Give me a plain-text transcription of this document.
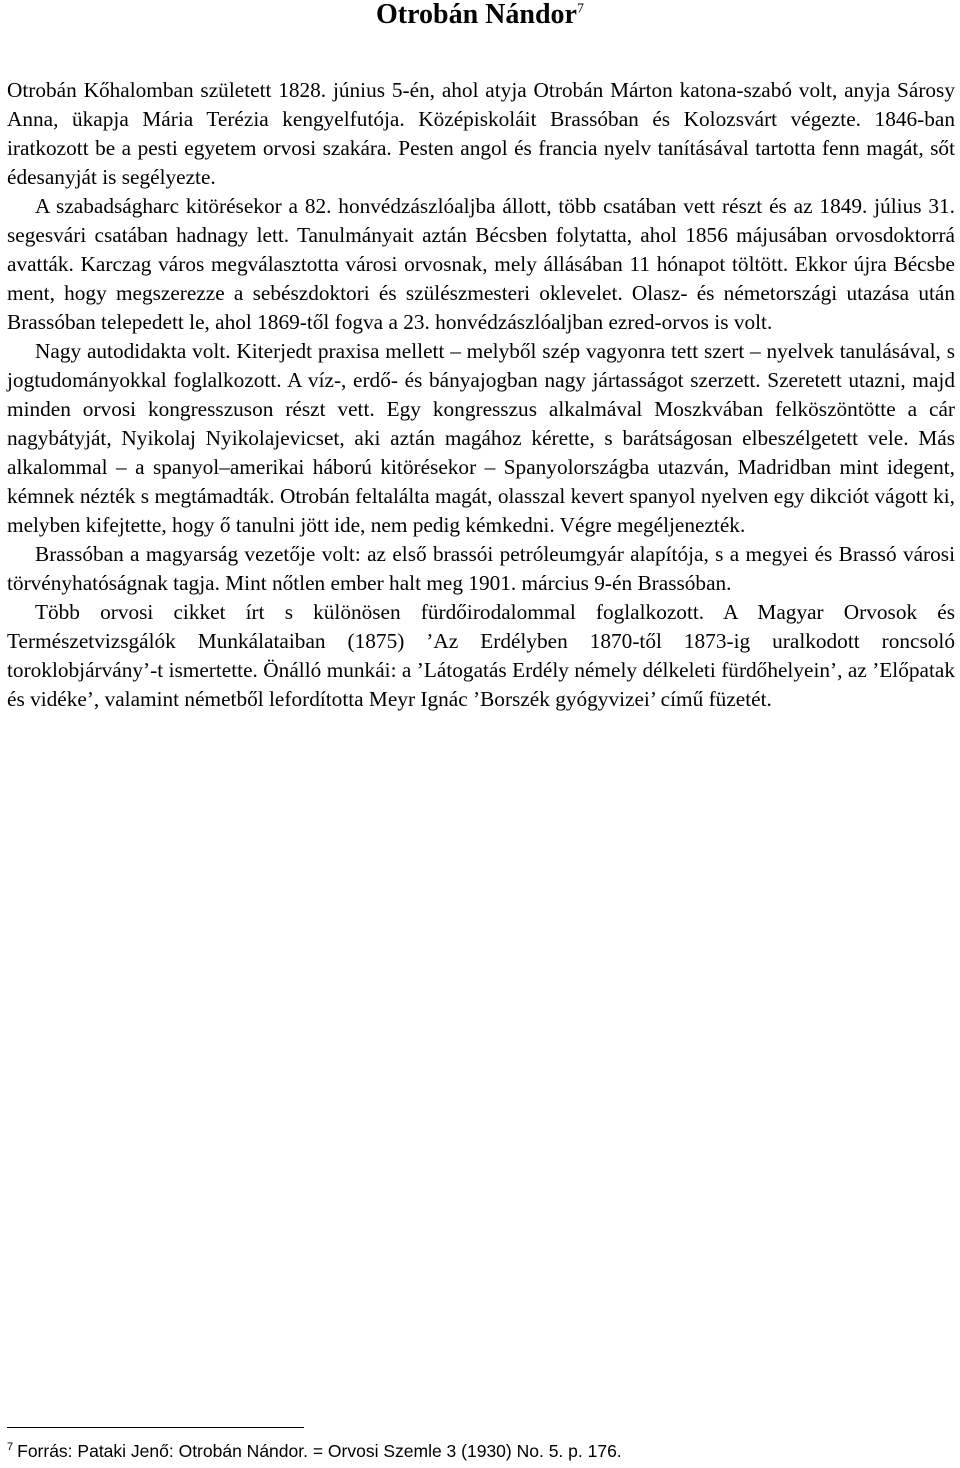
Otrobán Nándor$^7$

Otrobán Kőhalomban született 1828. június 5-én, ahol atyja Otrobán Márton katona-szabó volt, anyja Sárosy Anna, ükapja Mária Terézia kengyelfutója. Középiskoláit Brassóban és Kolozsvárt végezte. 1846-ban iratkozott be a pesti egyetem orvosi szakára. Pesten angol és francia nyelv tanításával tartotta fenn magát, sőt édesanyját is segélyezte.

A szabadságharc kitörésekor a 82. honvédzászlóaljba állott, több csatában vett részt és az 1849. július 31. segesvári csatában hadnagy lett. Tanulmányait aztán Bécsben folytatta, ahol 1856 májusában orvosdoktorrá avatták. Karczag város megválasztotta városi orvosnak, mely állásában 11 hónapot töltött. Ekkor újra Bécsbe ment, hogy megszerezze a sebészdoktori és szülészmesteri oklevelet. Olasz- és németországi utazása után Brassóban telepedett le, ahol 1869-től fogva a 23. honvédzászlóaljban ezred-orvos is volt.

Nagy autodidakta volt. Kiterjedt praxisa mellett – melyből szép vagyonra tett szert – nyelvek tanulásával, s jogtudományokkal foglalkozott. A víz-, erdő- és bányajogban nagy jártasságot szerzett. Szeretett utazni, majd minden orvosi kongresszuson részt vett. Egy kongresszus alkalmával Moszkvában felköszöntötte a cár nagybátyját, Nyikolaj Nyikolajevicset, aki aztán magához kérette, s barátságosan elbeszélgetett vele. Más alkalommal – a spanyol–amerikai háború kitörésekor – Spanyolországba utazván, Madridban mint idegent, kémnek nézték s megtámadták. Otrobán feltalálta magát, olasszal kevert spanyol nyelven egy dikciót vágott ki, melyben kifejtette, hogy ő tanulni jött ide, nem pedig kémkedni. Végre megéljenezték.

Brassóban a magyarság vezetője volt: az első brassói petróleumgyár alapítója, s a megyei és Brassó városi törvényhatóságnak tagja. Mint nőtlen ember halt meg 1901. március 9-én Brassóban.

Több orvosi cikket írt s különösen fürdőirodalommal foglalkozott. A Magyar Orvosok és Természetvizsgálók Munkálataiban (1875) ’Az Erdélyben 1870-től 1873-ig uralkodott roncsoló toroklobjárvány’-t ismertette. Önálló munkái: a ’Látogatás Erdély némely délkeleti fürdőhelyein’, az ’Előpatak és vidéke’, valamint németből lefordította Meyr Ignác ’Borszék gyógyvizei’ című füzetét.

$^7$ Forrás: Pataki Jenő: Otrobán Nándor. = Orvosi Szemle 3 (1930) No. 5. p. 176.
